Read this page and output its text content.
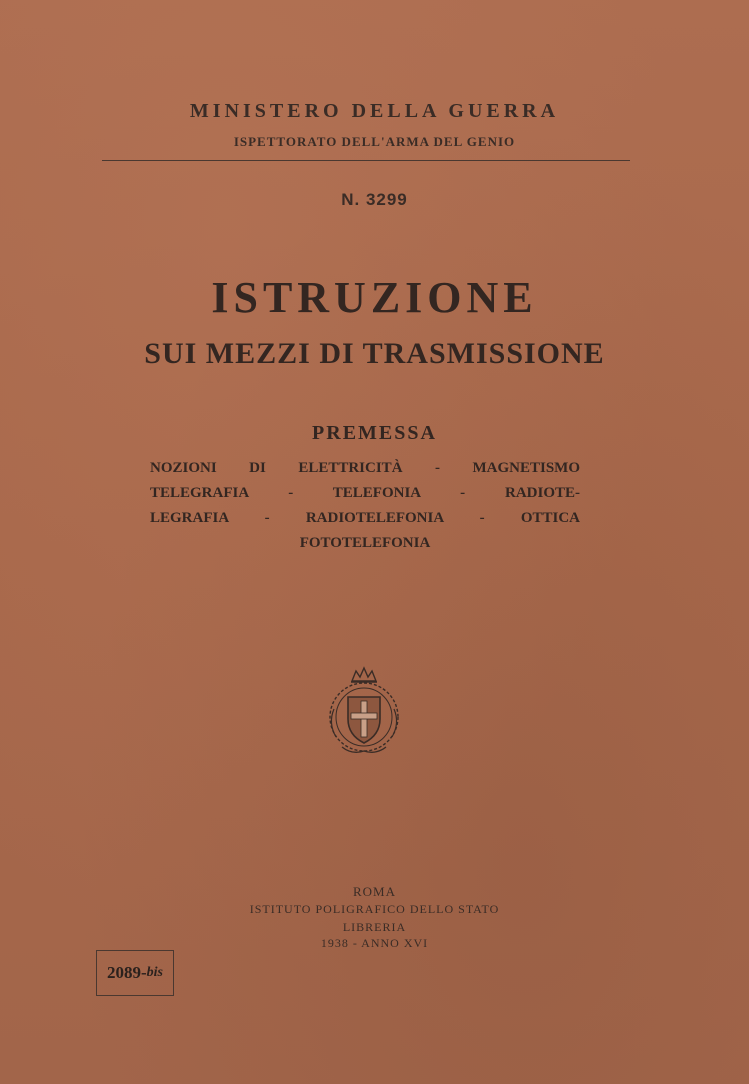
MINISTERO DELLA GUERRA
ISPETTORATO DELL'ARMA DEL GENIO
N. 3299
ISTRUZIONE
SUI MEZZI DI TRASMISSIONE
PREMESSA
NOZIONI DI ELETTRICITÀ - MAGNETISMO
TELEGRAFIA - TELEFONIA - RADIOTE-
LEGRAFIA - RADIOTELEFONIA - OTTICA
FOTOTELEFONIA
ROMA
ISTITUTO POLIGRAFICO DELLO STATO
LIBRERIA
1938 - ANNO XVI
2089- bis
